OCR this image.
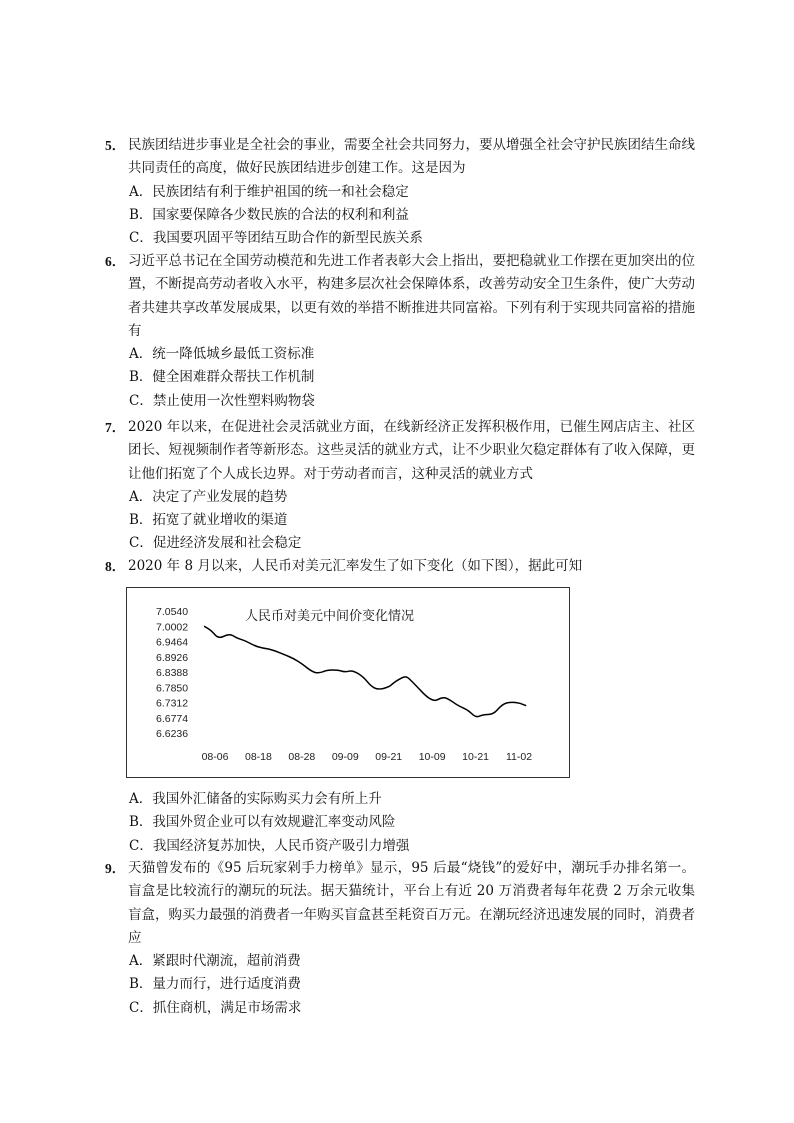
5． 民族团结进步事业是全社会的事业，需要全社会共同努力，要从增强全社会守护民族团结生命线共同责任的高度，做好民族团结进步创建工作。这是因为
A．民族团结有利于维护祖国的统一和社会稳定
B．国家要保障各少数民族的合法的权利和利益
C．我国要巩固平等团结互助合作的新型民族关系
6． 习近平总书记在全国劳动模范和先进工作者表彰大会上指出，要把稳就业工作摆在更加突出的位置，不断提高劳动者收入水平，构建多层次社会保障体系，改善劳动安全卫生条件，使广大劳动者共建共享改革发展成果，以更有效的举措不断推进共同富裕。下列有利于实现共同富裕的措施有
A．统一降低城乡最低工资标准
B．健全困难群众帮扶工作机制
C．禁止使用一次性塑料购物袋
7． 2020 年以来，在促进社会灵活就业方面，在线新经济正发挥积极作用，已催生网店店主、社区团长、短视频制作者等新形态。这些灵活的就业方式，让不少职业欠稳定群体有了收入保障，更让他们拓宽了个人成长边界。对于劳动者而言，这种灵活的就业方式
A．决定了产业发展的趋势
B．拓宽了就业增收的渠道
C．促进经济发展和社会稳定
8． 2020 年 8 月以来，人民币对美元汇率发生了如下变化（如下图），据此可知
人民币对美元中间价变化情况
7.0540
7.0002
6.9464
6.8926
6.8388
6.7850
6.7312
6.6774
6.6236
08-06 08-18 08-28 09-09 09-21 10-09 10-21 11-02
A．我国外汇储备的实际购买力会有所上升
B．我国外贸企业可以有效规避汇率变动风险
C．我国经济复苏加快，人民币资产吸引力增强
9． 天猫曾发布的《95 后玩家剁手力榜单》显示，95 后最“烧钱”的爱好中，潮玩手办排名第一。盲盒是比较流行的潮玩的玩法。据天猫统计，平台上有近 20 万消费者每年花费 2 万余元收集盲盒，购买力最强的消费者一年购买盲盒甚至耗资百万元。在潮玩经济迅速发展的同时，消费者应
A．紧跟时代潮流，超前消费
B．量力而行，进行适度消费
C．抓住商机，满足市场需求
